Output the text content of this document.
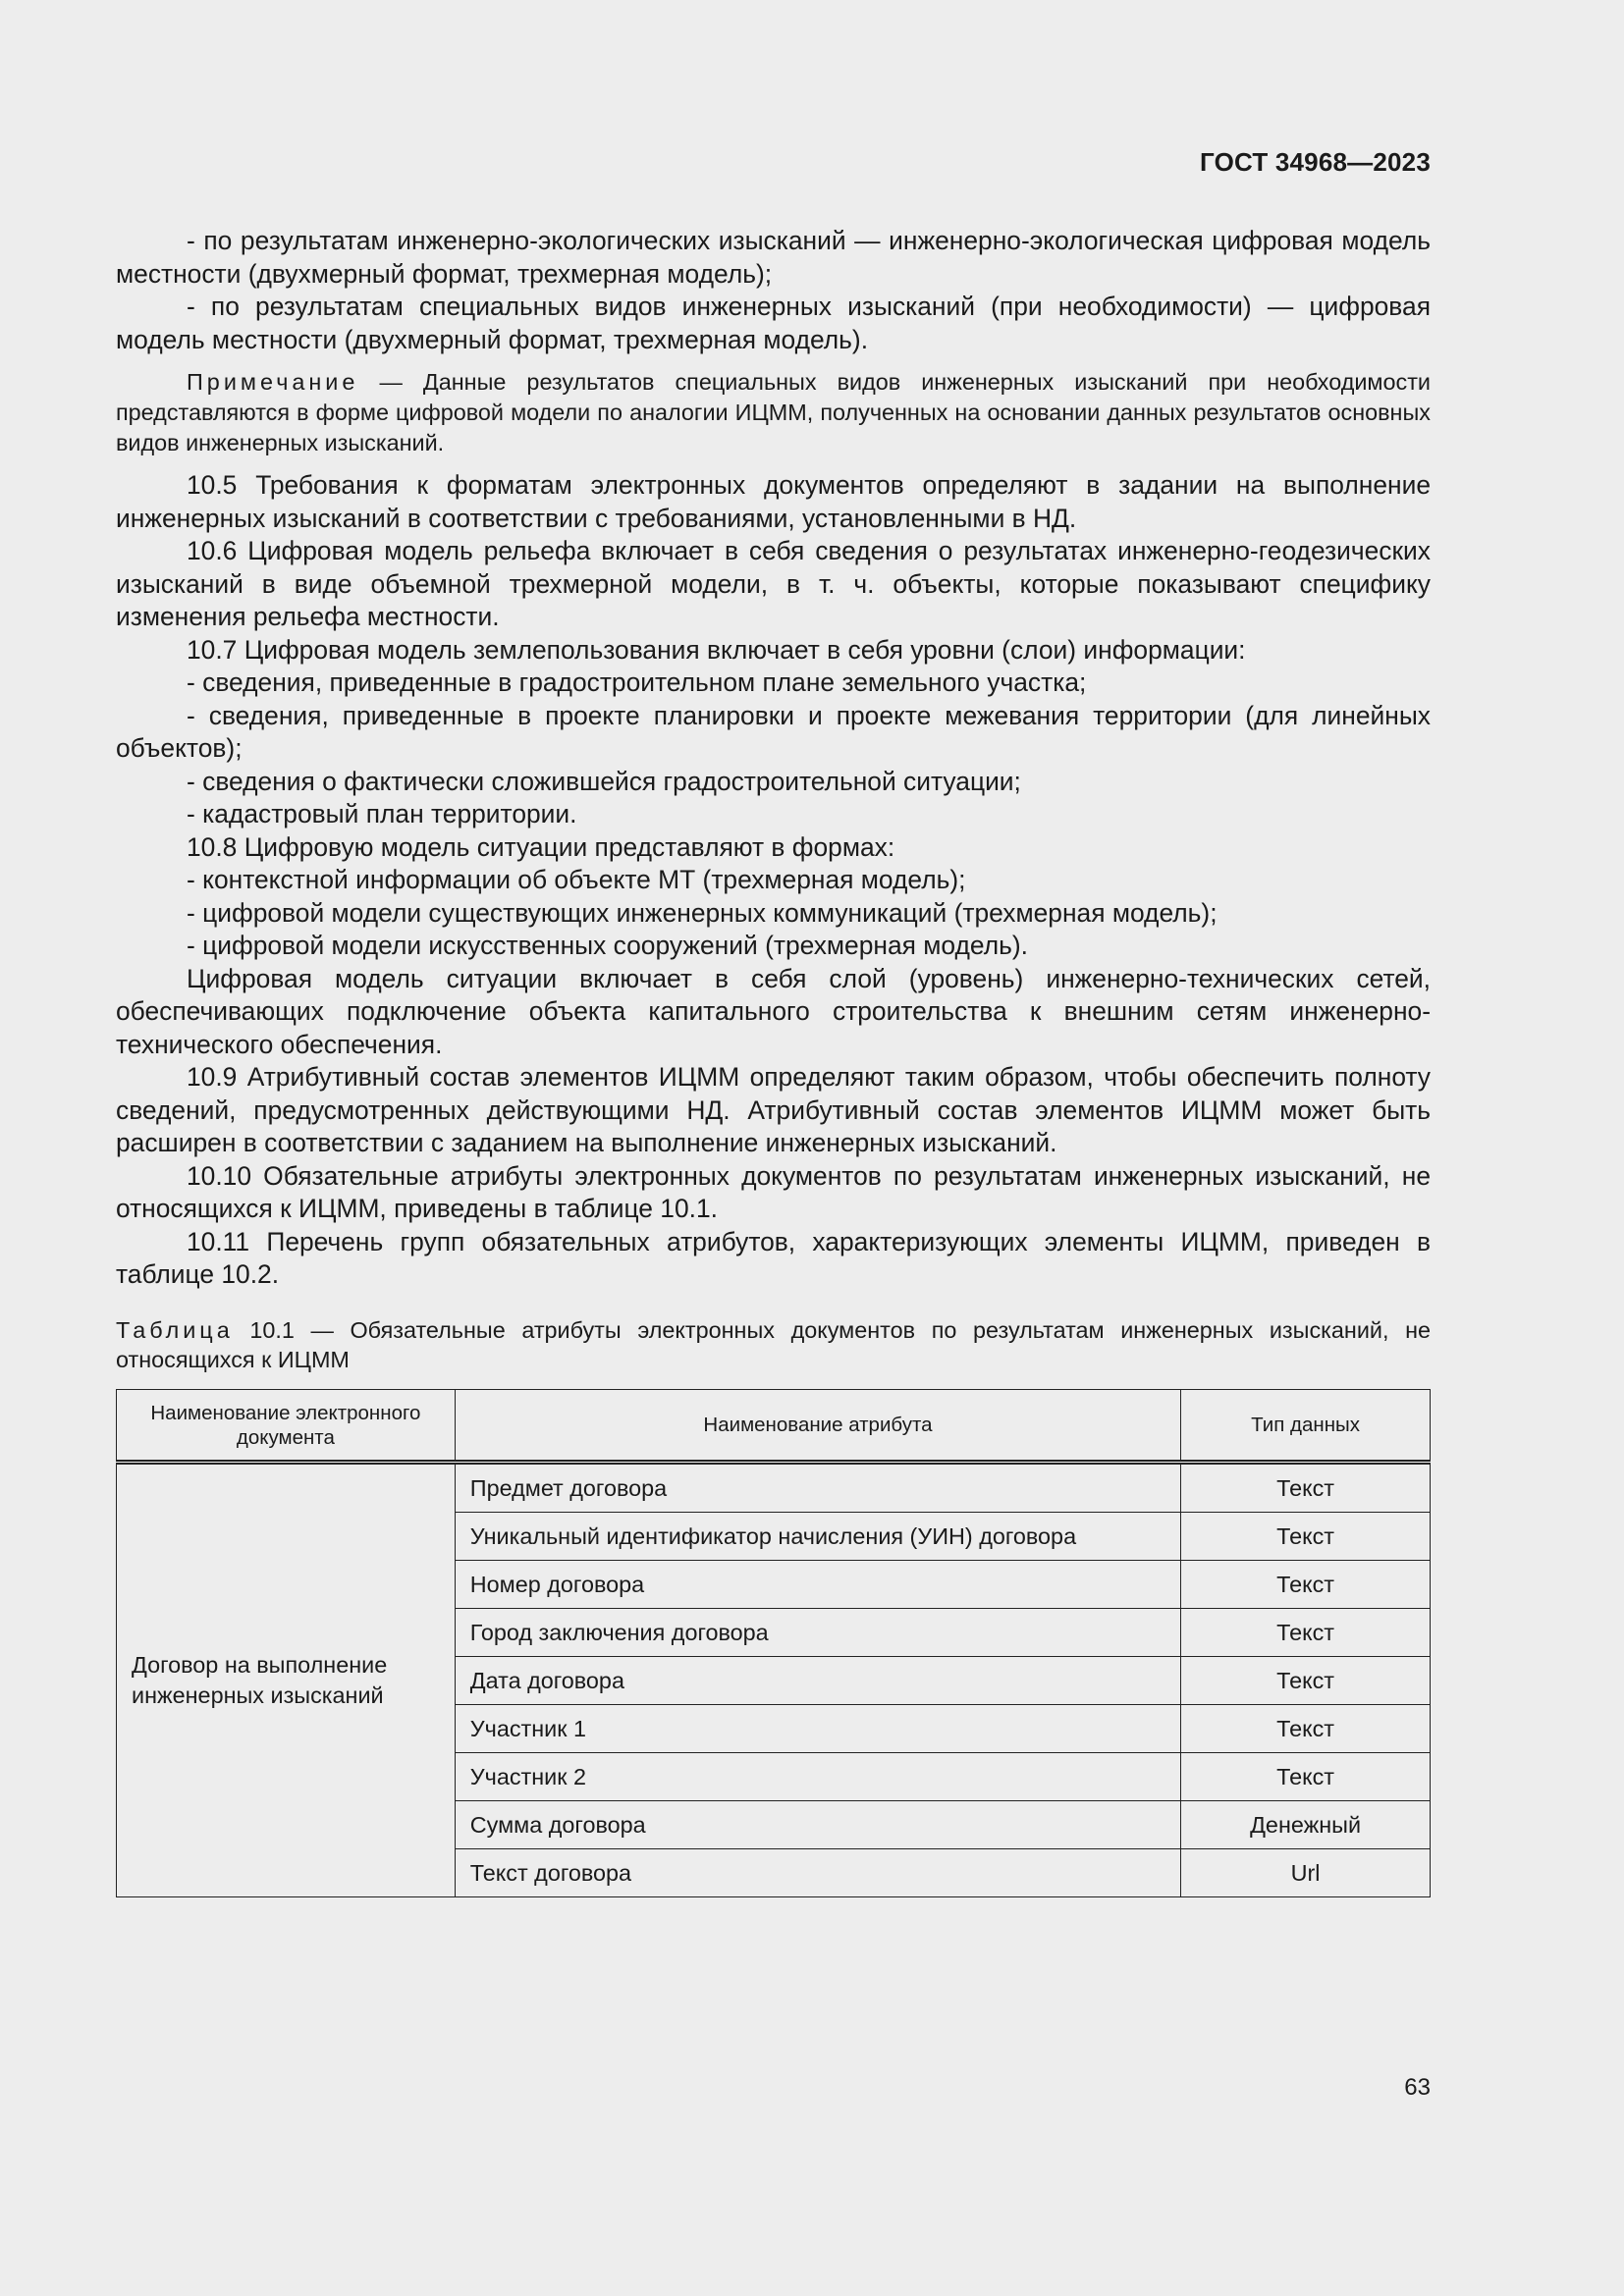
ГОСТ 34968—2023

- по результатам инженерно-экологических изысканий — инженерно-экологическая цифровая модель местности (двухмерный формат, трехмерная модель);

- по результатам специальных видов инженерных изысканий (при необходимости) — цифровая модель местности (двухмерный формат, трехмерная модель).

Примечание — Данные результатов специальных видов инженерных изысканий при необходимости представляются в форме цифровой модели по аналогии ИЦММ, полученных на основании данных результатов основных видов инженерных изысканий.

10.5 Требования к форматам электронных документов определяют в задании на выполнение инженерных изысканий в соответствии с требованиями, установленными в НД.

10.6 Цифровая модель рельефа включает в себя сведения о результатах инженерно-геодезических изысканий в виде объемной трехмерной модели, в т. ч. объекты, которые показывают специфику изменения рельефа местности.

10.7 Цифровая модель землепользования включает в себя уровни (слои) информации:

- сведения, приведенные в градостроительном плане земельного участка;

- сведения, приведенные в проекте планировки и проекте межевания территории (для линейных объектов);

- сведения о фактически сложившейся градостроительной ситуации;

- кадастровый план территории.

10.8 Цифровую модель ситуации представляют в формах:

- контекстной информации об объекте МТ (трехмерная модель);

- цифровой модели существующих инженерных коммуникаций (трехмерная модель);

- цифровой модели искусственных сооружений (трехмерная модель).

Цифровая модель ситуации включает в себя слой (уровень) инженерно-технических сетей, обеспечивающих подключение объекта капитального строительства к внешним сетям инженерно-технического обеспечения.

10.9 Атрибутивный состав элементов ИЦММ определяют таким образом, чтобы обеспечить полноту сведений, предусмотренных действующими НД. Атрибутивный состав элементов ИЦММ может быть расширен в соответствии с заданием на выполнение инженерных изысканий.

10.10 Обязательные атрибуты электронных документов по результатам инженерных изысканий, не относящихся к ИЦММ, приведены в таблице 10.1.

10.11 Перечень групп обязательных атрибутов, характеризующих элементы ИЦММ, приведен в таблице 10.2.

Таблица 10.1 — Обязательные атрибуты электронных документов по результатам инженерных изысканий, не относящихся к ИЦММ
Наименование электронного документа	Наименование атрибута	Тип данных
Договор на выполнение инженерных изысканий	Предмет договора	Текст
	Уникальный идентификатор начисления (УИН) договора	Текст
	Номер договора	Текст
	Город заключения договора	Текст
	Дата договора	Текст
	Участник 1	Текст
	Участник 2	Текст
	Сумма договора	Денежный
	Текст договора	Url
63
